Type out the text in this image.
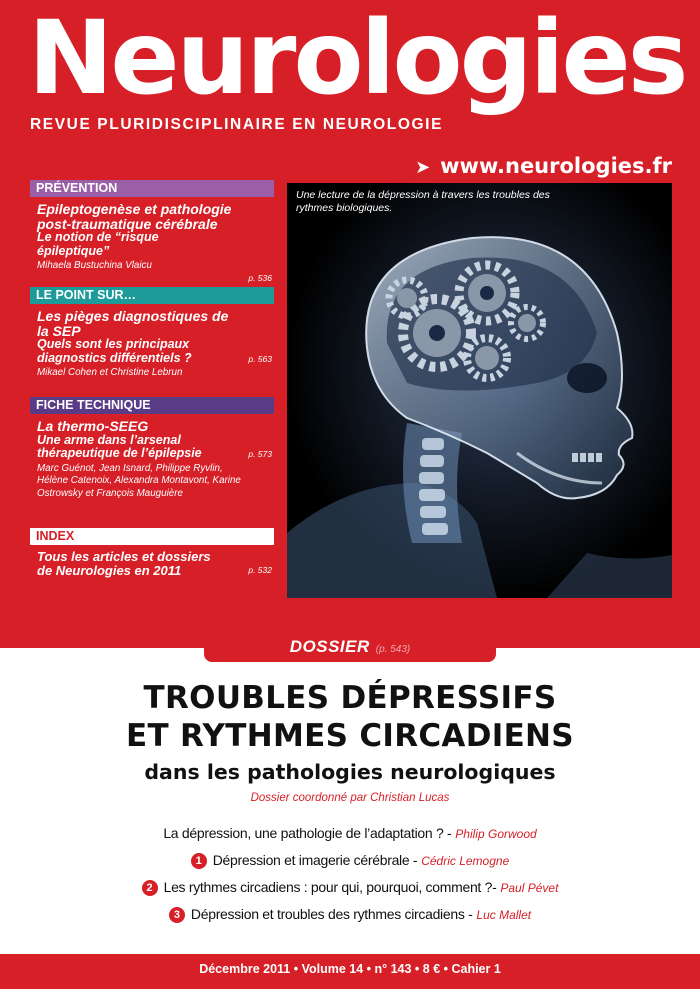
Neurologies
REVUE PLURIDISCIPLINAIRE EN NEUROLOGIE
➤ www.neurologies.fr
PRÉVENTION
Epileptogenèse et pathologie post-traumatique cérébrale
Le notion de “risque épileptique”
Mihaela Bustuchina Vlaicu
p. 536
LE POINT SUR…
Les pièges diagnostiques de la SEP
Quels sont les principaux diagnostics différentiels ?
Mikael Cohen et Christine Lebrun
p. 563
FICHE TECHNIQUE
La thermo-SEEG
Une arme dans l’arsenal thérapeutique de l’épilepsie
Marc Guénot, Jean Isnard, Philippe Ryvlin, Hélène Catenoix, Alexandra Montavont, Karine Ostrowsky et François Mauguière
p. 573
INDEX
Tous les articles et dossiers de Neurologies en 2011	p. 532
Une lecture de la dépression à travers les troubles des rythmes biologiques.
DOSSIER (p. 543)
TROUBLES DÉPRESSIFS
ET RYTHMES CIRCADIENS
dans les pathologies neurologiques
Dossier coordonné par Christian Lucas
La dépression, une pathologie de l’adaptation ? - Philip Gorwood
1 Dépression et imagerie cérébrale - Cédric Lemogne
2 Les rythmes circadiens : pour qui, pourquoi, comment ?- Paul Pévet
3 Dépression et troubles des rythmes circadiens - Luc Mallet
Décembre 2011 • Volume 14 • n° 143 • 8 € • Cahier 1
